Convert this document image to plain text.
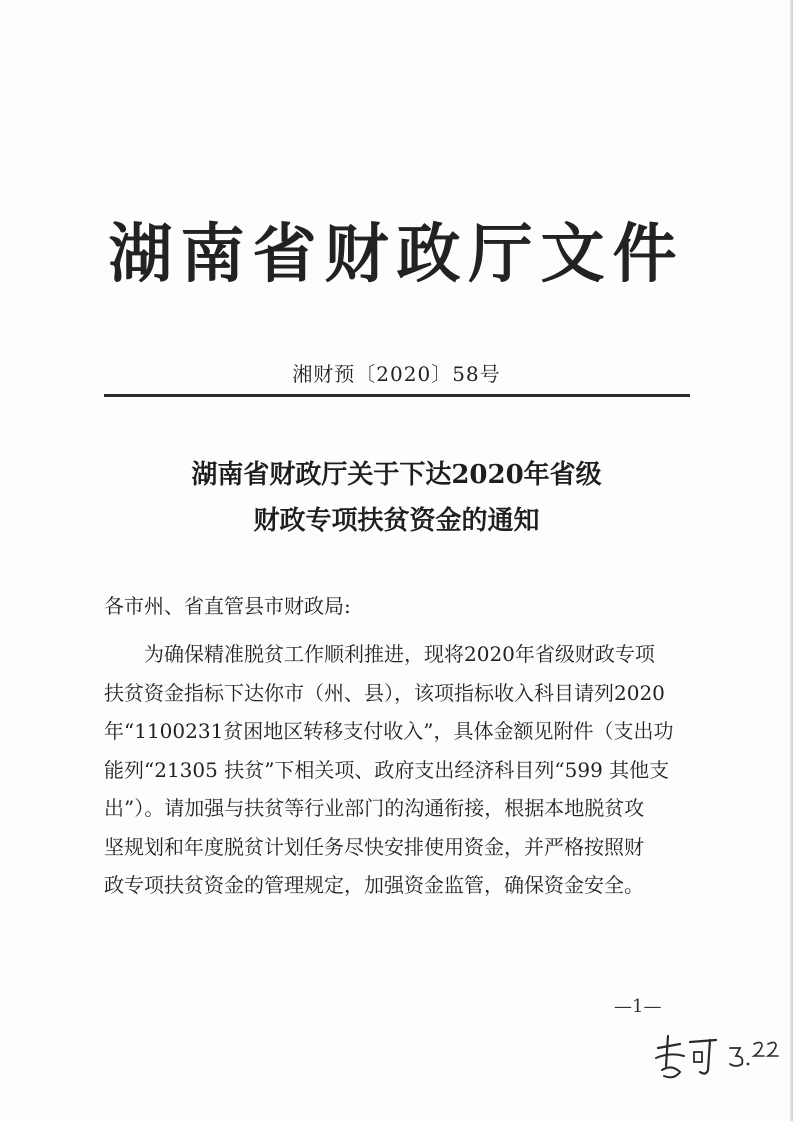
湖南省财政厅文件
湘财预〔2020〕58号
湖南省财政厅关于下达2020年省级
财政专项扶贫资金的通知
各市州、省直管县市财政局:
　　为确保精准脱贫工作顺利推进，现将2020年省级财政专项
扶贫资金指标下达你市（州、县），该项指标收入科目请列2020
年“1100231贫困地区转移支付收入”，具体金额见附件（支出功
能列“21305 扶贫”下相关项、政府支出经济科目列“599 其他支
出”）。请加强与扶贫等行业部门的沟通衔接，根据本地脱贫攻
坚规划和年度脱贫计划任务尽快安排使用资金，并严格按照财
政专项扶贫资金的管理规定，加强资金监管，确保资金安全。
—1—
